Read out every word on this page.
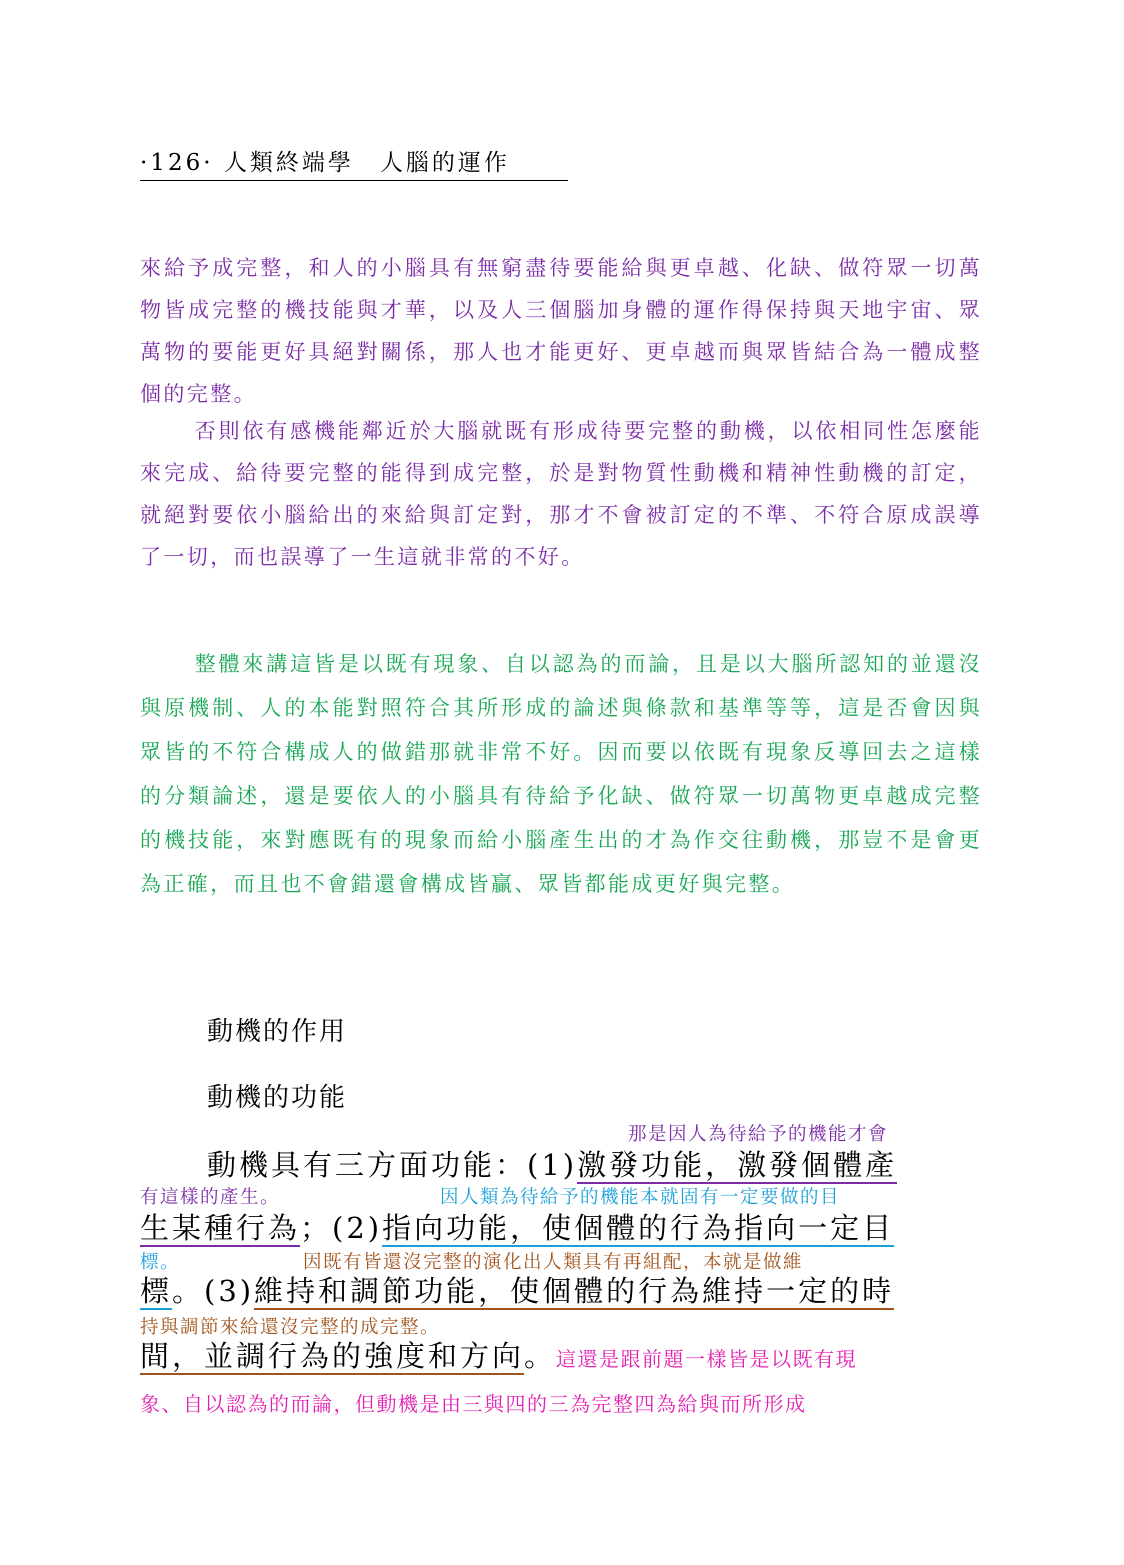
·126· 人類終端學　人腦的運作
來給予成完整，和人的小腦具有無窮盡待要能給與更卓越、化缺、做符眾一切萬物皆成完整的機技能與才華，以及人三個腦加身體的運作得保持與天地宇宙、眾萬物的要能更好具絕對關係，那人也才能更好、更卓越而與眾皆結合為一體成整個的完整。
否則依有感機能鄰近於大腦就既有形成待要完整的動機，以依相同性怎麼能來完成、給待要完整的能得到成完整，於是對物質性動機和精神性動機的訂定，就絕對要依小腦給出的來給與訂定對，那才不會被訂定的不準、不符合原成誤導了一切，而也誤導了一生這就非常的不好。
整體來講這皆是以既有現象、自以認為的而論，且是以大腦所認知的並還沒與原機制、人的本能對照符合其所形成的論述與條款和基準等等，這是否會因與眾皆的不符合構成人的做錯那就非常不好。因而要以依既有現象反導回去之這樣的分類論述，還是要依人的小腦具有待給予化缺、做符眾一切萬物更卓越成完整的機技能，來對應既有的現象而給小腦產生出的才為作交往動機，那豈不是會更為正確，而且也不會錯還會構成皆贏、眾皆都能成更好與完整。
動機的作用
動機的功能
那是因人為待給予的機能才會
動機具有三方面功能：(1)激發功能，激發個體產
有這樣的產生。	因人類為待給予的機能本就固有一定要做的目
生某種行為；(2)指向功能，使個體的行為指向一定目
標。	因既有皆還沒完整的演化出人類具有再組配，本就是做維
標。(3)維持和調節功能，使個體的行為維持一定的時
持與調節來給還沒完整的成完整。
間，並調行為的強度和方向。這還是跟前題一樣皆是以既有現
象、自以認為的而論，但動機是由三與四的三為完整四為給與而所形成
